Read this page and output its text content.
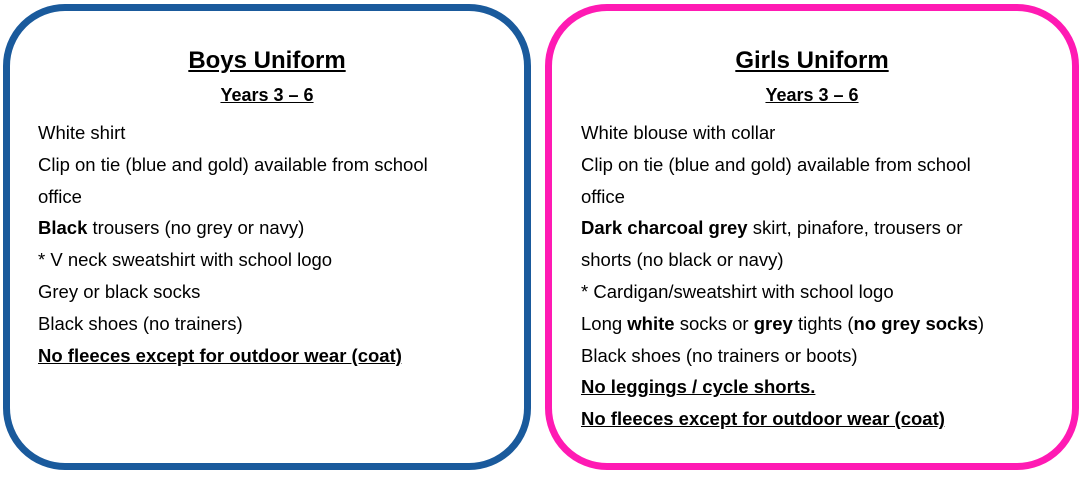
Boys Uniform
Years 3 – 6
White shirt
Clip on tie (blue and gold) available from school
office
Black trousers (no grey or navy)
* V neck sweatshirt with school logo
Grey or black socks
Black shoes (no trainers)
No fleeces except for outdoor wear (coat)
Girls Uniform
Years 3 – 6
White blouse with collar
Clip on tie (blue and gold) available from school
office
Dark charcoal grey skirt, pinafore, trousers or
shorts (no black or navy)
* Cardigan/sweatshirt with school logo
Long white socks or grey tights (no grey socks)
Black shoes (no trainers or boots)
No leggings / cycle shorts.
No fleeces except for outdoor wear (coat)
